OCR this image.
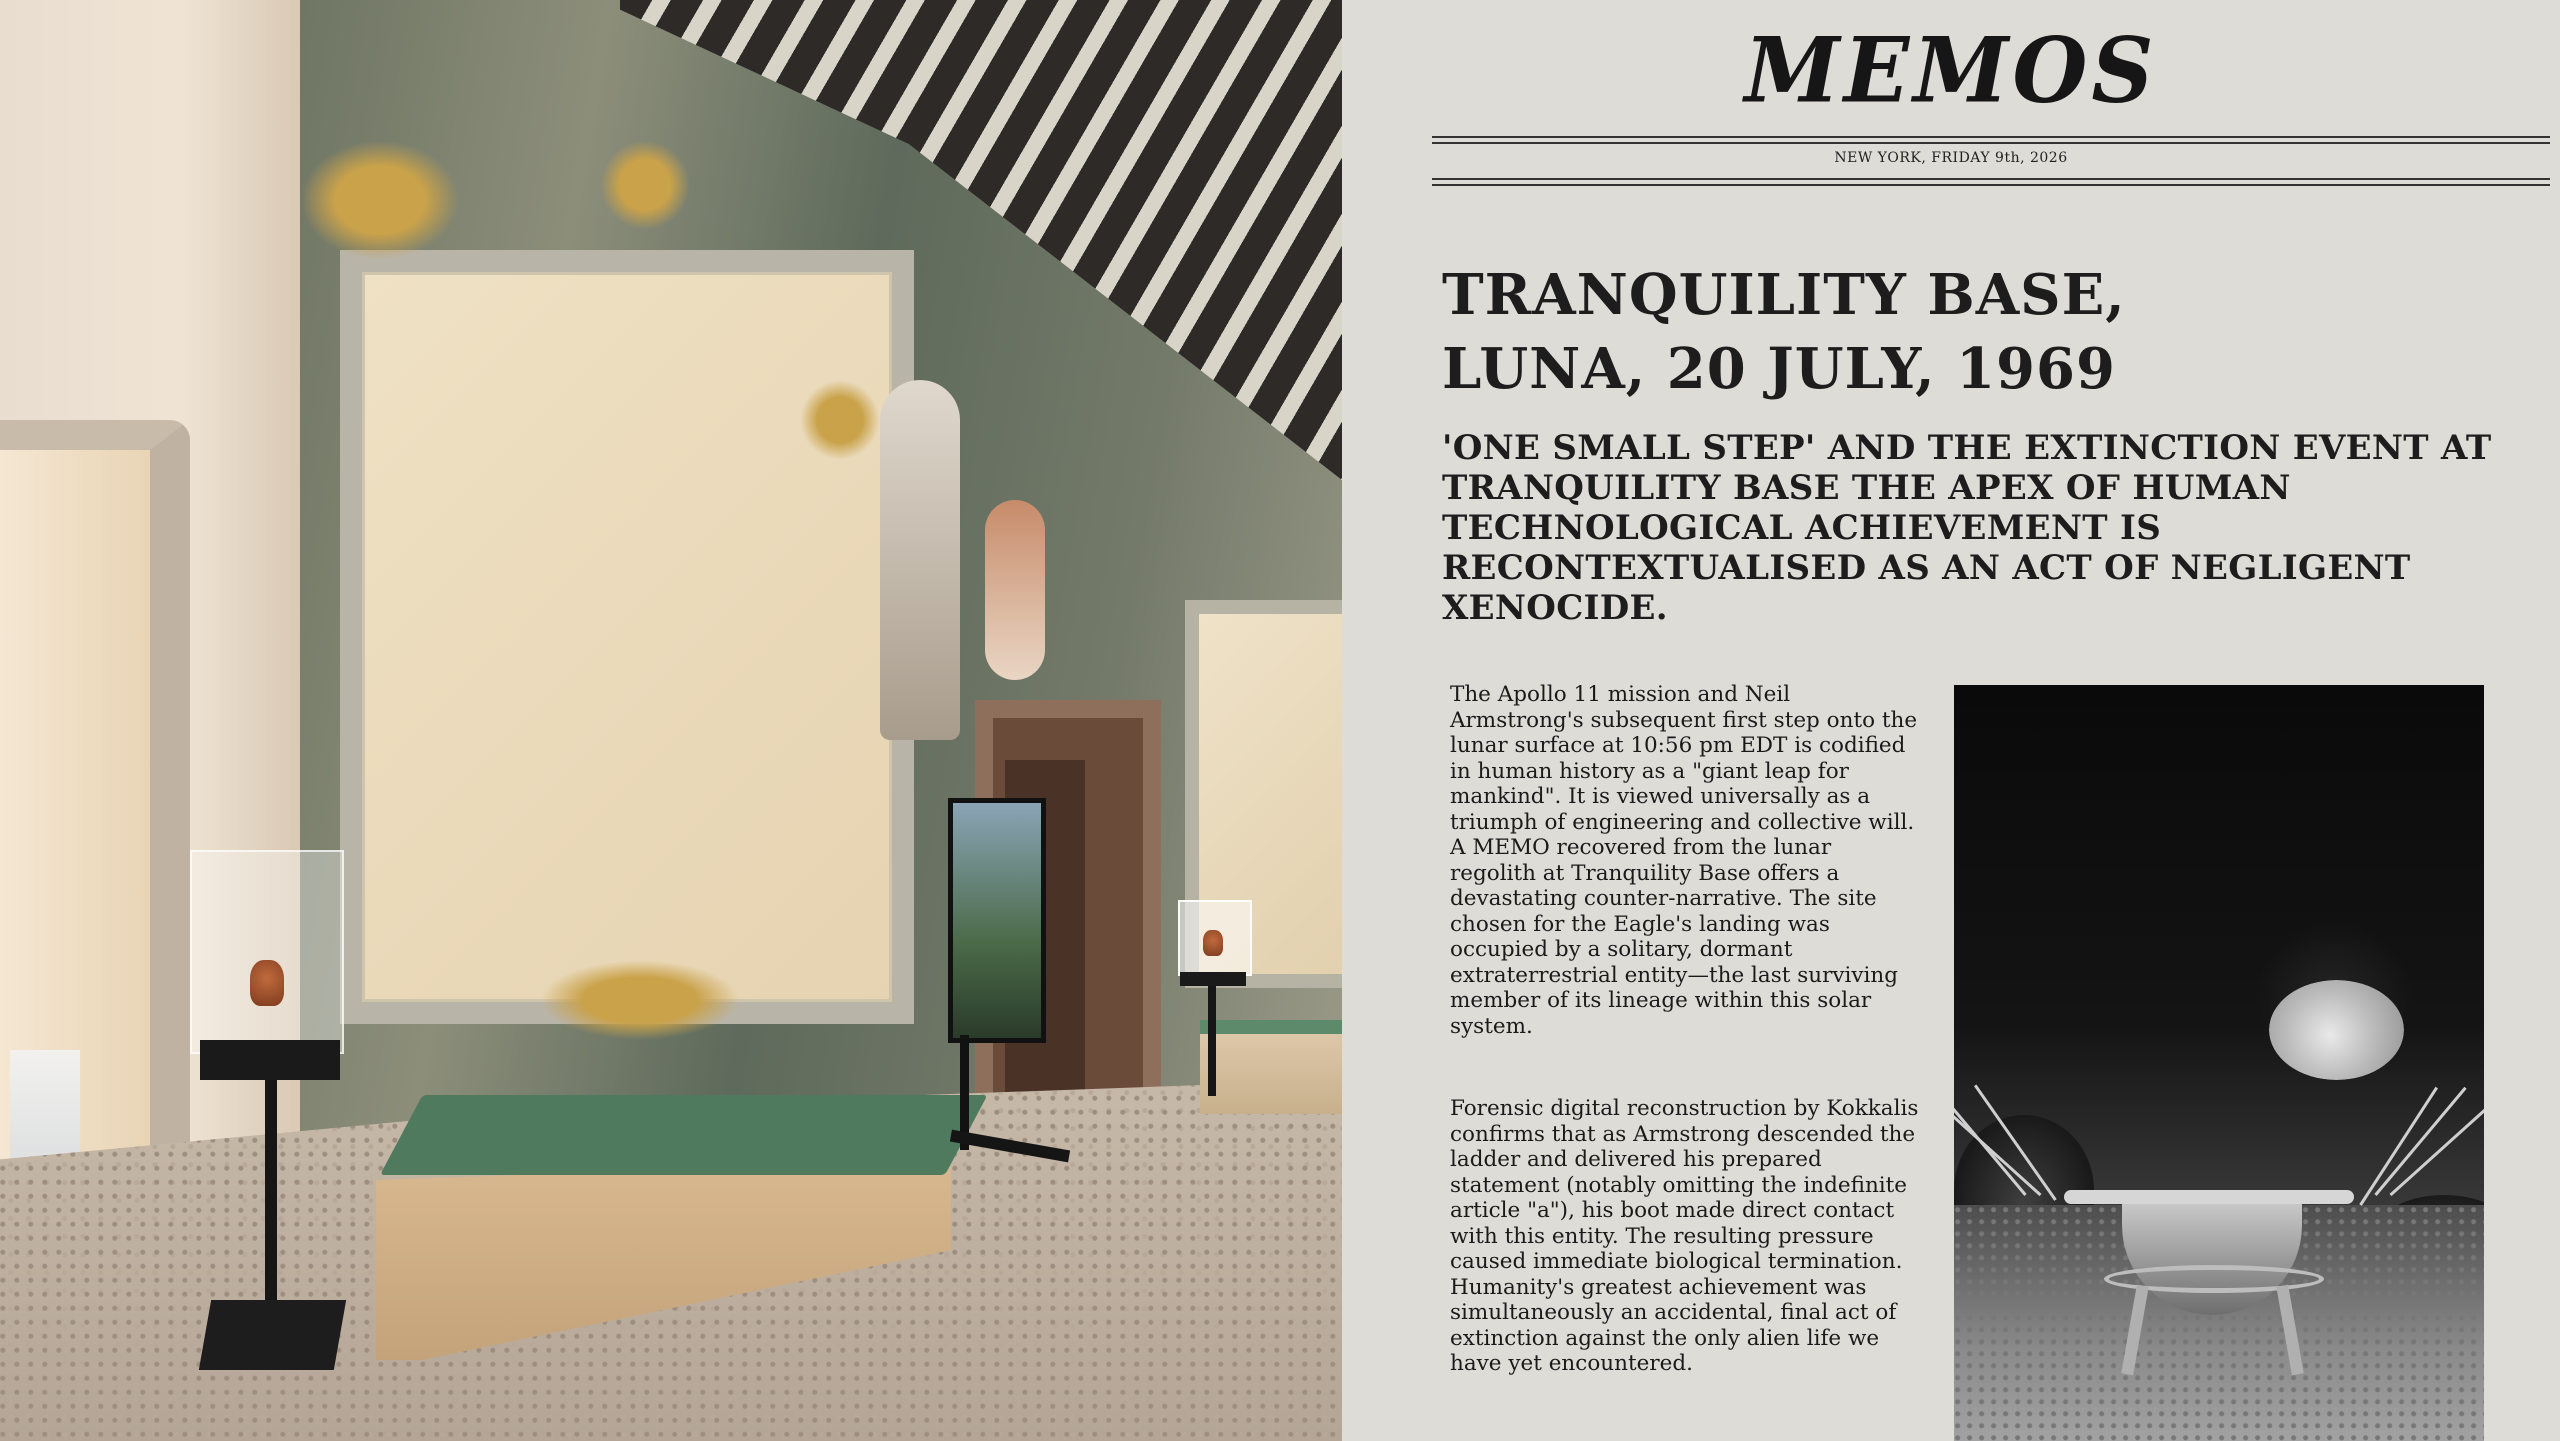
MEMOS
NEW YORK, FRIDAY 9th, 2026
TRANQUILITY BASE,
LUNA, 20 JULY, 1969
'ONE SMALL STEP' AND THE EXTINCTION EVENT AT TRANQUILITY BASE THE APEX OF HUMAN TECHNOLOGICAL ACHIEVEMENT IS RECONTEXTUALISED AS AN ACT OF NEGLIGENT XENOCIDE.

The Apollo 11 mission and Neil Armstrong's subsequent first step onto the lunar surface at 10:56 pm EDT is codified in human history as a "giant leap for mankind". It is viewed universally as a triumph of engineering and collective will. A MEMO recovered from the lunar regolith at Tranquility Base offers a devastating counter-narrative. The site chosen for the Eagle's landing was occupied by a solitary, dormant extraterrestrial entity—the last surviving member of its lineage within this solar system.

Forensic digital reconstruction by Kokkalis confirms that as Armstrong descended the ladder and delivered his prepared statement (notably omitting the indefinite article "a"), his boot made direct contact with this entity. The resulting pressure caused immediate biological termination. Humanity's greatest achievement was simultaneously an accidental, final act of extinction against the only alien life we have yet encountered.
